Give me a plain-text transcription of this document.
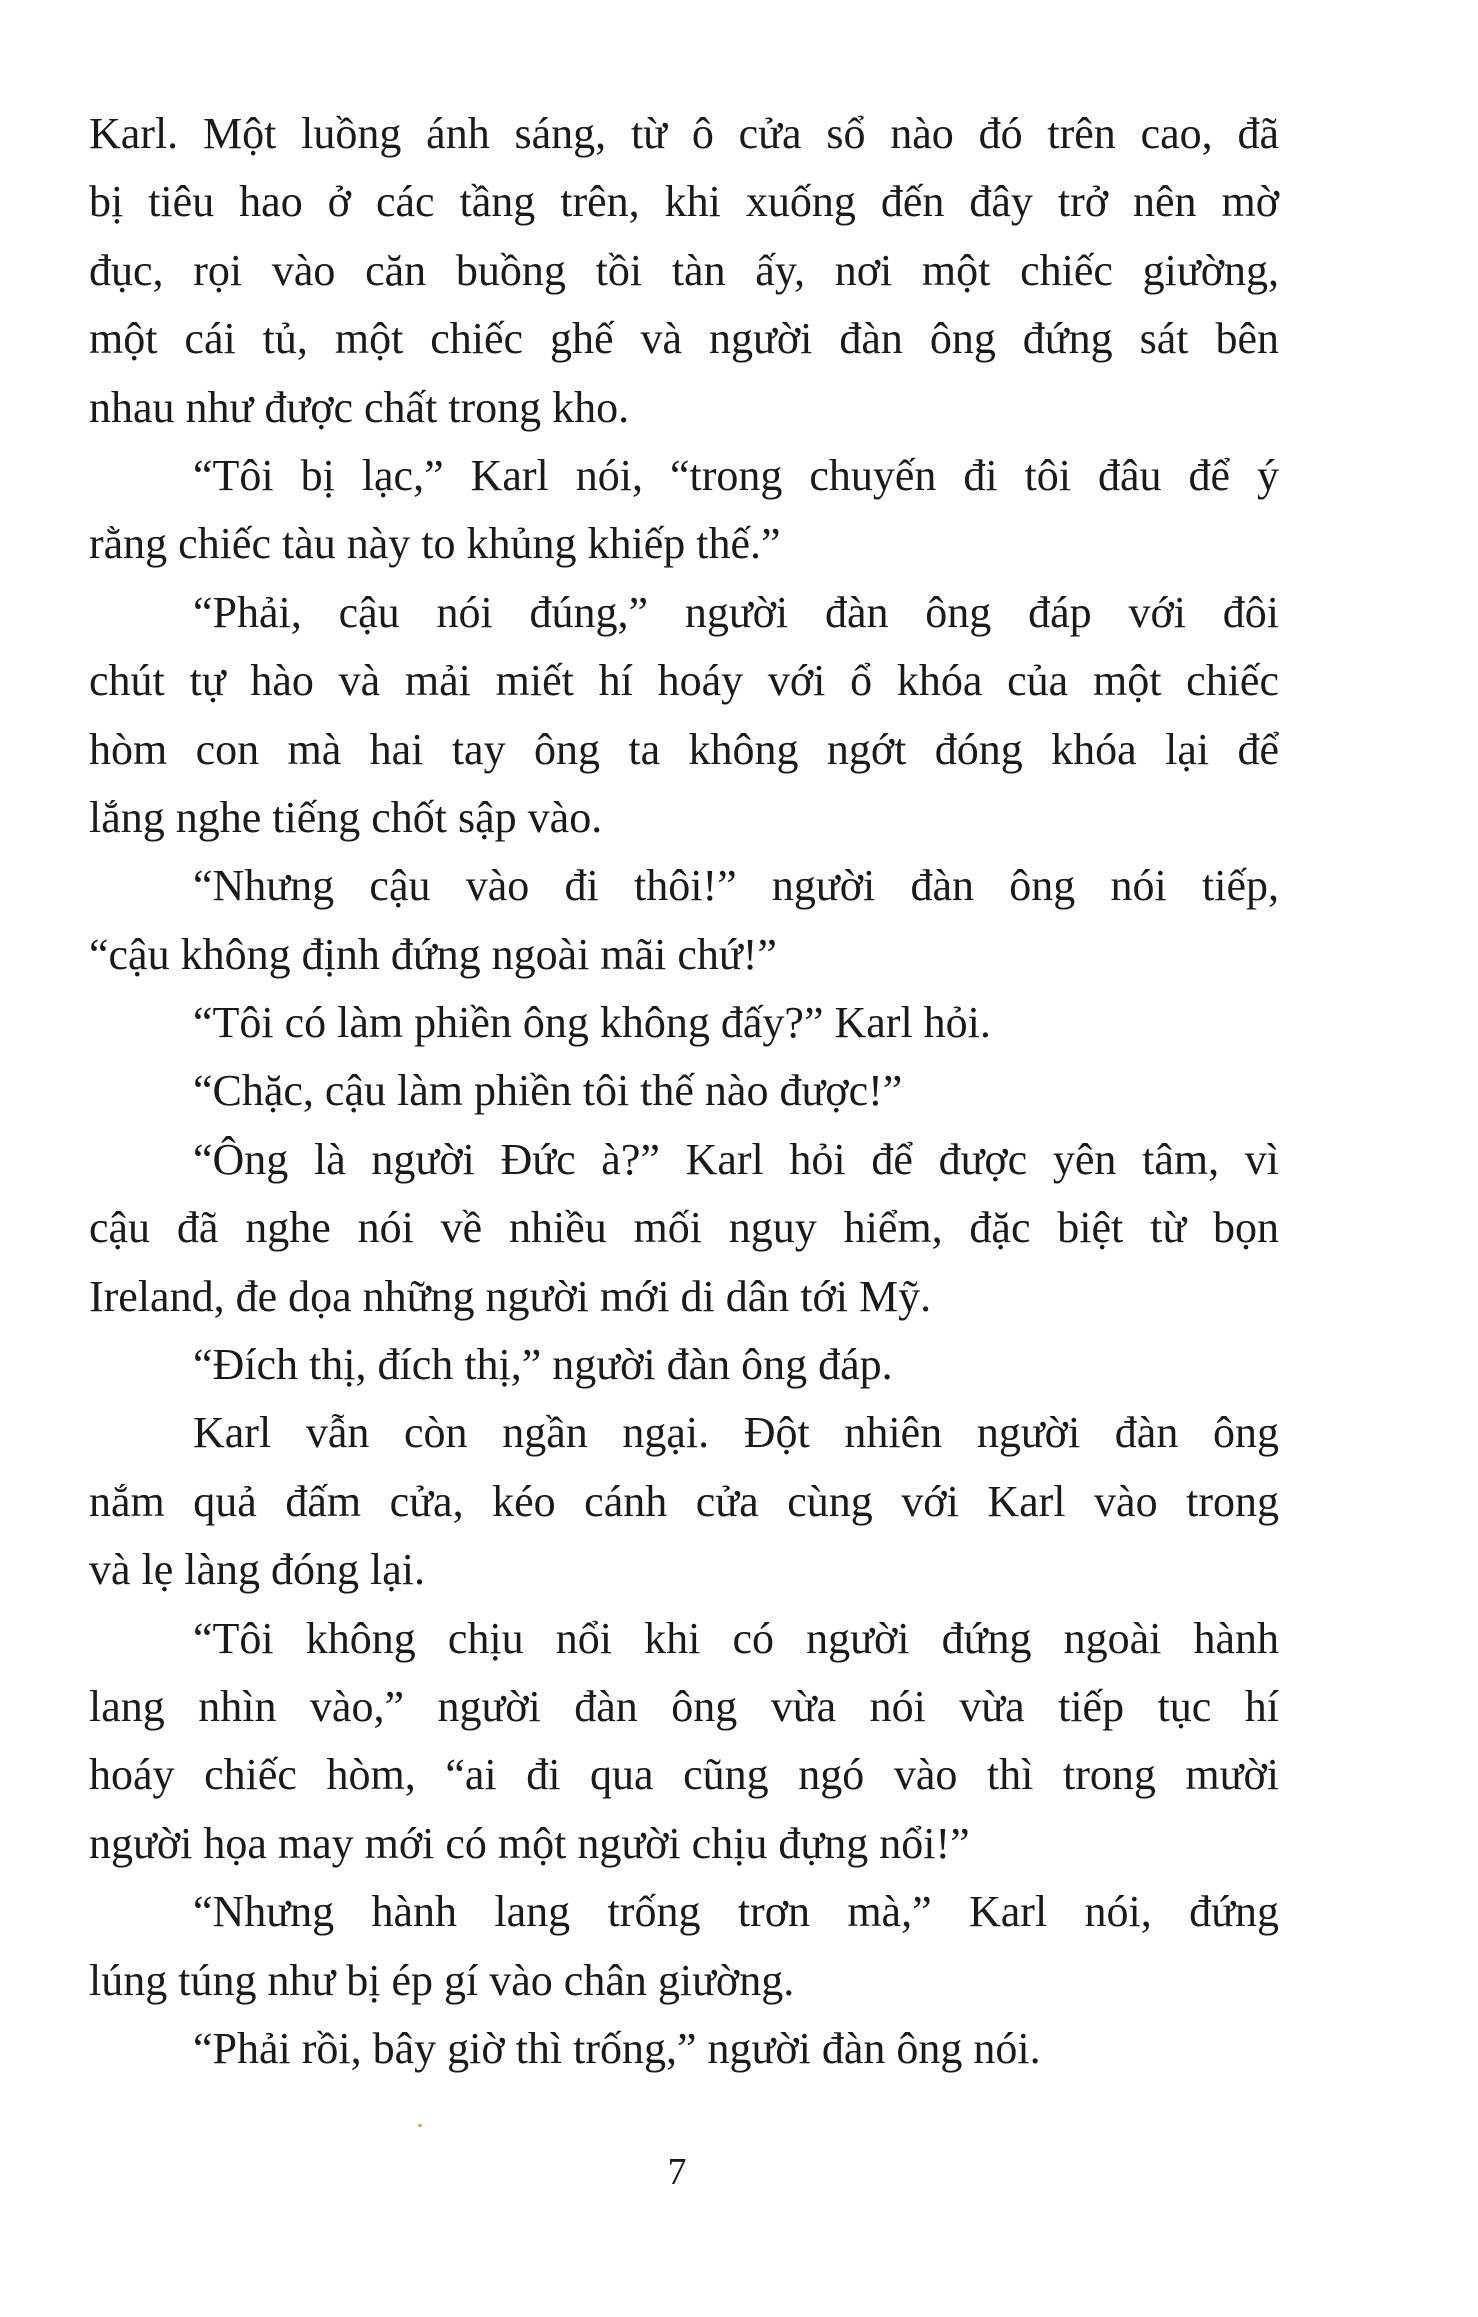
Karl. Một luồng ánh sáng, từ ô cửa sổ nào đó trên cao, đã
bị tiêu hao ở các tầng trên, khi xuống đến đây trở nên mờ
đục, rọi vào căn buồng tồi tàn ấy, nơi một chiếc giường,
một cái tủ, một chiếc ghế và người đàn ông đứng sát bên
nhau như được chất trong kho.
“Tôi bị lạc,” Karl nói, “trong chuyến đi tôi đâu để ý
rằng chiếc tàu này to khủng khiếp thế.”
“Phải, cậu nói đúng,” người đàn ông đáp với đôi
chút tự hào và mải miết hí hoáy với ổ khóa của một chiếc
hòm con mà hai tay ông ta không ngớt đóng khóa lại để
lắng nghe tiếng chốt sập vào.
“Nhưng cậu vào đi thôi!” người đàn ông nói tiếp,
“cậu không định đứng ngoài mãi chứ!”
“Tôi có làm phiền ông không đấy?” Karl hỏi.
“Chặc, cậu làm phiền tôi thế nào được!”
“Ông là người Đức à?” Karl hỏi để được yên tâm, vì
cậu đã nghe nói về nhiều mối nguy hiểm, đặc biệt từ bọn
Ireland, đe dọa những người mới di dân tới Mỹ.
“Đích thị, đích thị,” người đàn ông đáp.
Karl vẫn còn ngần ngại. Đột nhiên người đàn ông
nắm quả đấm cửa, kéo cánh cửa cùng với Karl vào trong
và lẹ làng đóng lại.
“Tôi không chịu nổi khi có người đứng ngoài hành
lang nhìn vào,” người đàn ông vừa nói vừa tiếp tục hí
hoáy chiếc hòm, “ai đi qua cũng ngó vào thì trong mười
người họa may mới có một người chịu đựng nổi!”
“Nhưng hành lang trống trơn mà,” Karl nói, đứng
lúng túng như bị ép gí vào chân giường.
“Phải rồi, bây giờ thì trống,” người đàn ông nói.
7
